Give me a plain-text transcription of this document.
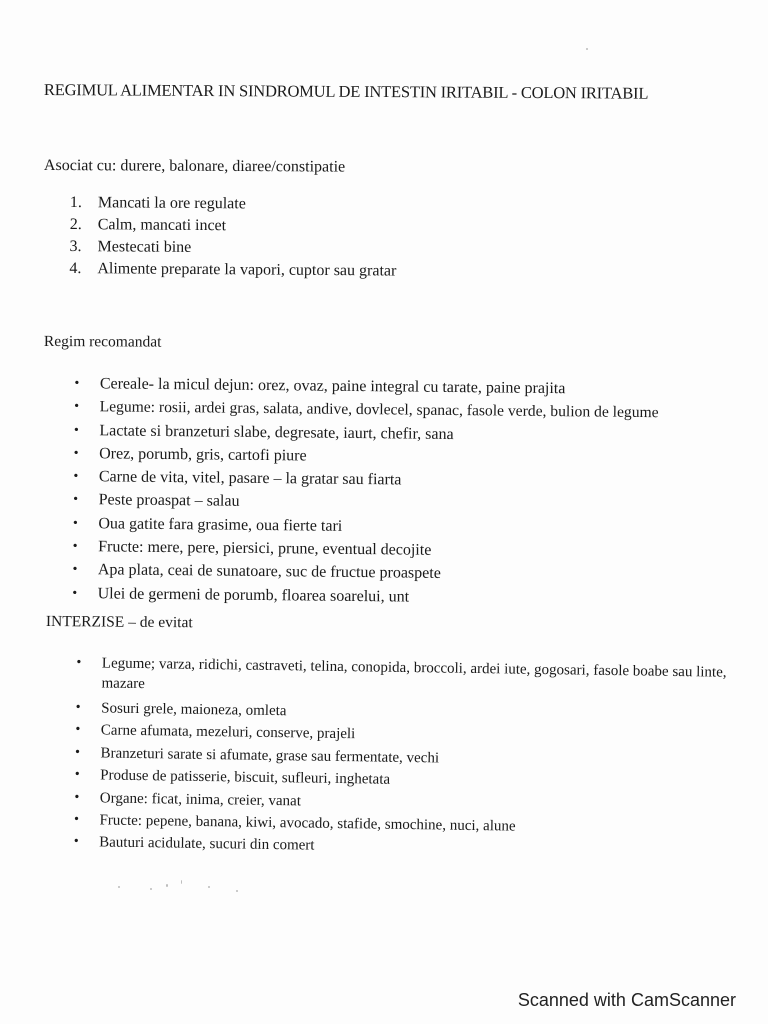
REGIMUL ALIMENTAR IN SINDROMUL DE INTESTIN IRITABIL - COLON IRITABIL
Asociat cu: durere, balonare, diaree/constipatie
1. Mancati la ore regulate
2. Calm, mancati incet
3. Mestecati bine
4. Alimente preparate la vapori, cuptor sau gratar
Regim recomandat
• Cereale- la micul dejun: orez, ovaz, paine integral cu tarate, paine prajita
• Legume: rosii, ardei gras, salata, andive, dovlecel, spanac, fasole verde, bulion de legume
• Lactate si branzeturi slabe, degresate, iaurt, chefir, sana
• Orez, porumb, gris, cartofi piure
• Carne de vita, vitel, pasare – la gratar sau fiarta
• Peste proaspat – salau
• Oua gatite fara grasime, oua fierte tari
• Fructe: mere, pere, piersici, prune, eventual decojite
• Apa plata, ceai de sunatoare, suc de fructue proaspete
• Ulei de germeni de porumb, floarea soarelui, unt
INTERZISE – de evitat
• Legume; varza, ridichi, castraveti, telina, conopida, broccoli, ardei iute, gogosari, fasole boabe sau linte, mazare
• Sosuri grele, maioneza, omleta
• Carne afumata, mezeluri, conserve, prajeli
• Branzeturi sarate si afumate, grase sau fermentate, vechi
• Produse de patisserie, biscuit, sufleuri, inghetata
• Organe: ficat, inima, creier, vanat
• Fructe: pepene, banana, kiwi, avocado, stafide, smochine, nuci, alune
• Bauturi acidulate, sucuri din comert
Scanned with CamScanner
